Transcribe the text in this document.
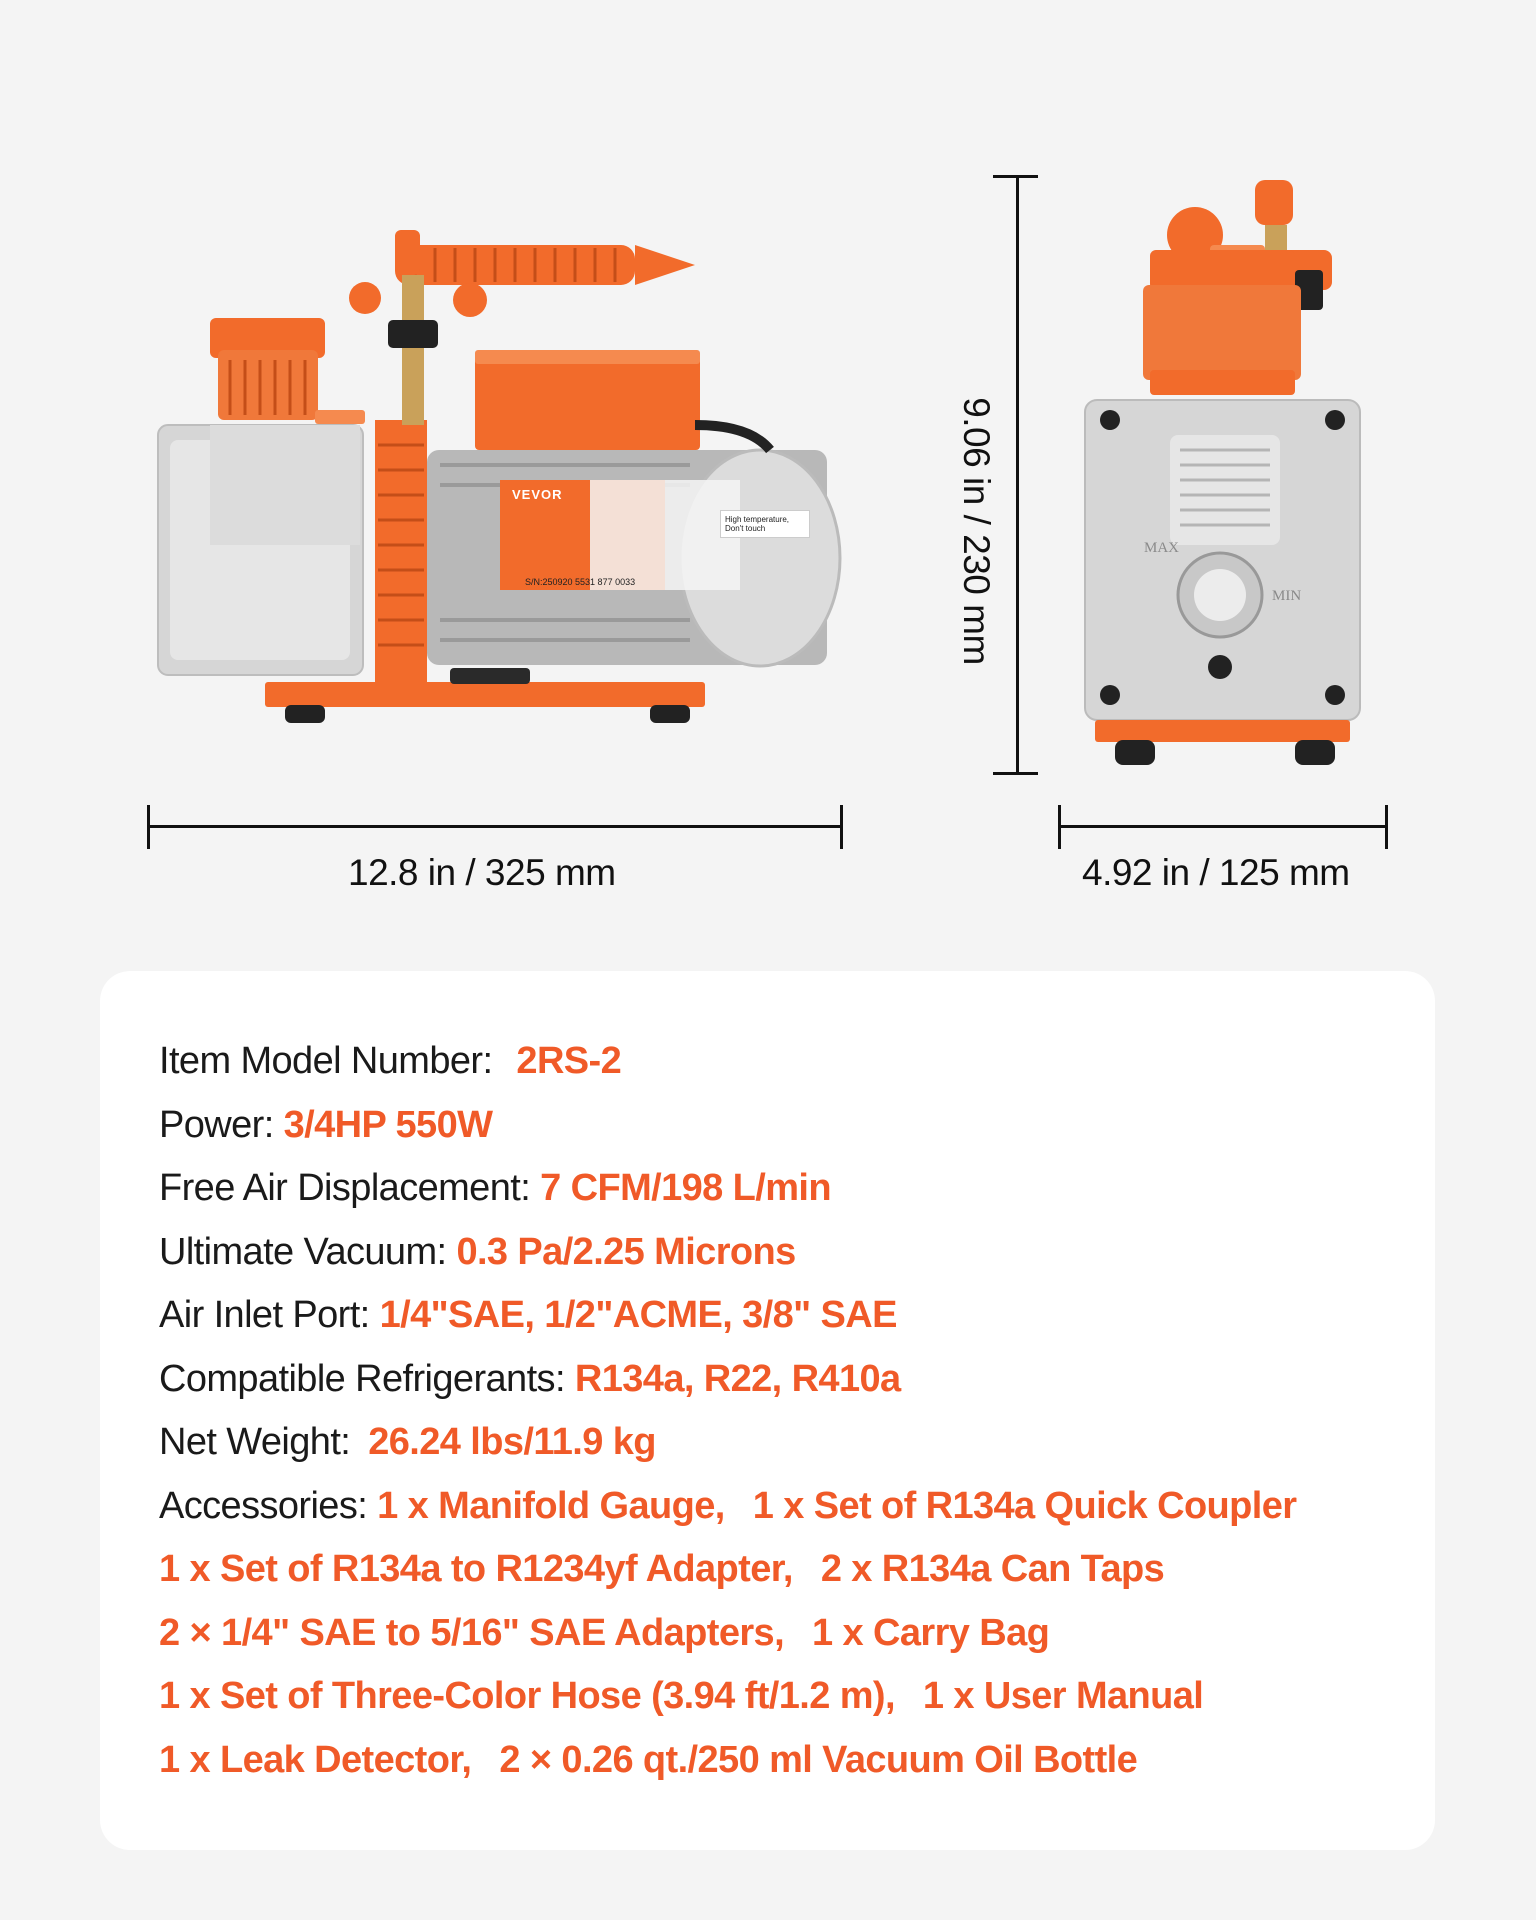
VEVOR
S/N:250920 5531 877 0033
High temperature, Don't touch
MAX
MIN
12.8 in / 325 mm	4.92 in / 125 mm
9.06 in / 230 mm
Item Model Number: 2RS-2
Power: 3/4HP 550W
Free Air Displacement: 7 CFM/198 L/min
Ultimate Vacuum: 0.3 Pa/2.25 Microns
Air Inlet Port: 1/4"SAE, 1/2"ACME, 3/8" SAE
Compatible Refrigerants: R134a, R22, R410a
Net Weight: 26.24 lbs/11.9 kg
Accessories: 1 x Manifold Gauge, 1 x Set of R134a Quick Coupler
1 x Set of R134a to R1234yf Adapter, 2 x R134a Can Taps
2 × 1/4" SAE to 5/16" SAE Adapters, 1 x Carry Bag
1 x Set of Three-Color Hose (3.94 ft/1.2 m), 1 x User Manual
1 x Leak Detector, 2 × 0.26 qt./250 ml Vacuum Oil Bottle
